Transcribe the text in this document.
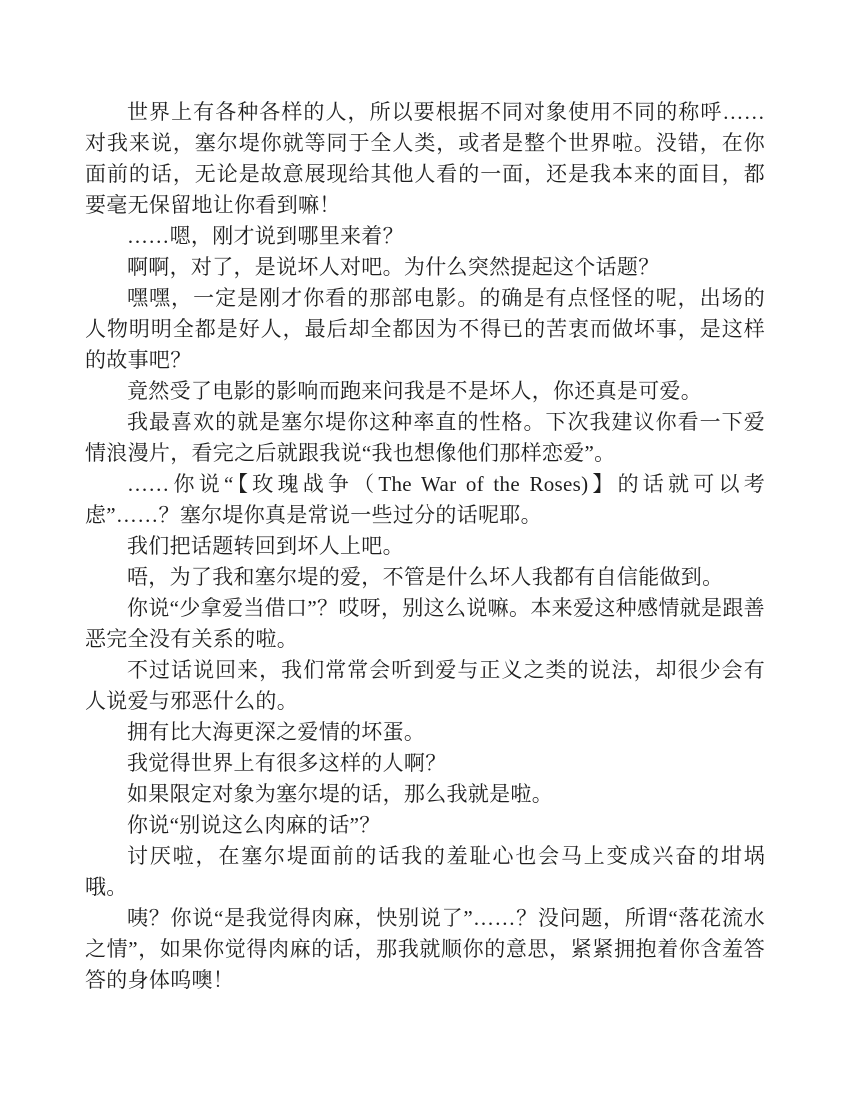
世界上有各种各样的人，所以要根据不同对象使用不同的称呼……对我来说，塞尔堤你就等同于全人类，或者是整个世界啦。没错，在你面前的话，无论是故意展现给其他人看的一面，还是我本来的面目，都要毫无保留地让你看到嘛！

……嗯，刚才说到哪里来着？

啊啊，对了，是说坏人对吧。为什么突然提起这个话题？

嘿嘿，一定是刚才你看的那部电影。的确是有点怪怪的呢，出场的人物明明全都是好人，最后却全都因为不得已的苦衷而做坏事，是这样的故事吧？

竟然受了电影的影响而跑来问我是不是坏人，你还真是可爱。

我最喜欢的就是塞尔堤你这种率直的性格。下次我建议你看一下爱情浪漫片，看完之后就跟我说“我也想像他们那样恋爱”。

……你说“【玫瑰战争（The War of the Roses)】的话就可以考虑”……？塞尔堤你真是常说一些过分的话呢耶。

我们把话题转回到坏人上吧。

唔，为了我和塞尔堤的爱，不管是什么坏人我都有自信能做到。

你说“少拿爱当借口”？哎呀，别这么说嘛。本来爱这种感情就是跟善恶完全没有关系的啦。

不过话说回来，我们常常会听到爱与正义之类的说法，却很少会有人说爱与邪恶什么的。

拥有比大海更深之爱情的坏蛋。

我觉得世界上有很多这样的人啊？

如果限定对象为塞尔堤的话，那么我就是啦。

你说“别说这么肉麻的话”？

讨厌啦，在塞尔堤面前的话我的羞耻心也会马上变成兴奋的坩埚哦。

咦？你说“是我觉得肉麻，快别说了”……？没问题，所谓“落花流水之情”，如果你觉得肉麻的话，那我就顺你的意思，紧紧拥抱着你含羞答答的身体呜噢！
